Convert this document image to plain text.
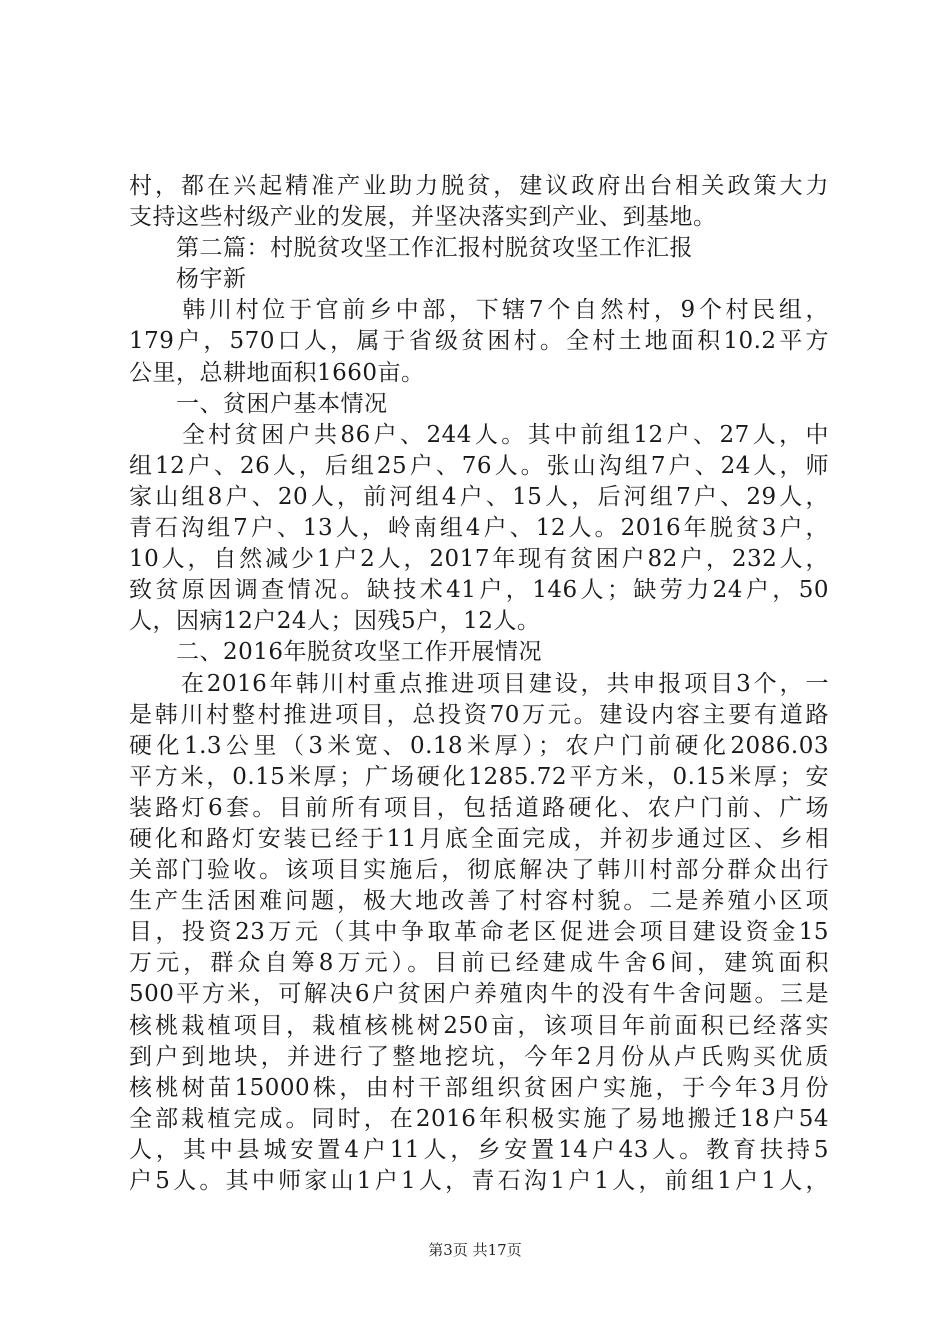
村，都在兴起精准产业助力脱贫，建议政府出台相关政策大力
支持这些村级产业的发展，并坚决落实到产业、到基地。
　　第二篇：村脱贫攻坚工作汇报村脱贫攻坚工作汇报
　　杨宇新
　　韩川村位于官前乡中部，下辖7个自然村，9个村民组，
179户，570口人，属于省级贫困村。全村土地面积10.2平方
公里，总耕地面积1660亩。
　　一、贫困户基本情况
　　全村贫困户共86户、244人。其中前组12户、27人，中
组12户、26人，后组25户、76人。张山沟组7户、24人，师
家山组8户、20人，前河组4户、15人，后河组7户、29人，
青石沟组7户、13人，岭南组4户、12人。2016年脱贫3户，
10人，自然减少1户2人，2017年现有贫困户82户，232人，
致贫原因调查情况。缺技术41户，146人；缺劳力24户，50
人，因病12户24人；因残5户，12人。
　　二、2016年脱贫攻坚工作开展情况
　　在2016年韩川村重点推进项目建设，共申报项目3个，一
是韩川村整村推进项目，总投资70万元。建设内容主要有道路
硬化1.3公里（3米宽、0.18米厚）；农户门前硬化2086.03
平方米，0.15米厚；广场硬化1285.72平方米，0.15米厚；安
装路灯6套。目前所有项目，包括道路硬化、农户门前、广场
硬化和路灯安装已经于11月底全面完成，并初步通过区、乡相
关部门验收。该项目实施后，彻底解决了韩川村部分群众出行
生产生活困难问题，极大地改善了村容村貌。二是养殖小区项
目，投资23万元（其中争取革命老区促进会项目建设资金15
万元，群众自筹8万元）。目前已经建成牛舍6间，建筑面积
500平方米，可解决6户贫困户养殖肉牛的没有牛舍问题。三是
核桃栽植项目，栽植核桃树250亩，该项目年前面积已经落实
到户到地块，并进行了整地挖坑，今年2月份从卢氏购买优质
核桃树苗15000株，由村干部组织贫困户实施，于今年3月份
全部栽植完成。同时，在2016年积极实施了易地搬迁18户54
人，其中县城安置4户11人，乡安置14户43人。教育扶持5
户5人。其中师家山1户1人，青石沟1户1人，前组1户1人，
第3页 共17页
